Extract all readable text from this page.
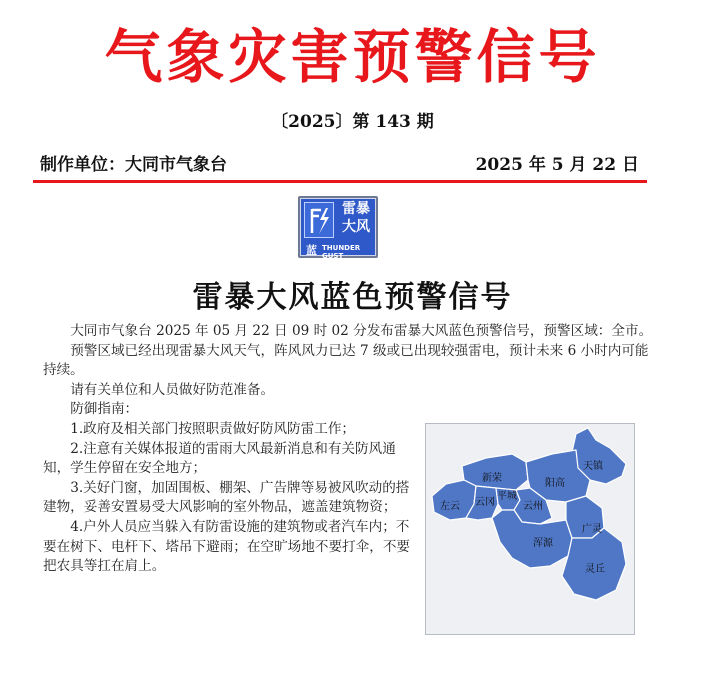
气象灾害预警信号
〔2025〕第 143 期
制作单位：大同市气象台	2025 年 5 月 22 日
雷暴
大风
蓝 THUNDER GUST
雷暴大风蓝色预警信号

大同市气象台 2025 年 05 月 22 日 09 时 02 分发布雷暴大风蓝色预警信号，预警区域：全市。

预警区域已经出现雷暴大风天气，阵风风力已达 7 级或已出现较强雷电，预计未来 6 小时内可能持续。

请有关单位和人员做好防范准备。

防御指南：

1.政府及相关部门按照职责做好防风防雷工作；

2.注意有关媒体报道的雷雨大风最新消息和有关防风通知，学生停留在安全地方；

3.关好门窗，加固围板、棚架、广告牌等易被风吹动的搭建物，妥善安置易受大风影响的室外物品，遮盖建筑物资；

4.户外人员应当躲入有防雷设施的建筑物或者汽车内；不要在树下、电杆下、塔吊下避雨；在空旷场地不要打伞，不要把农具等扛在肩上。

天镇
新荣	阳高
左云 云冈
平城
云州
浑源
广灵
灵丘
